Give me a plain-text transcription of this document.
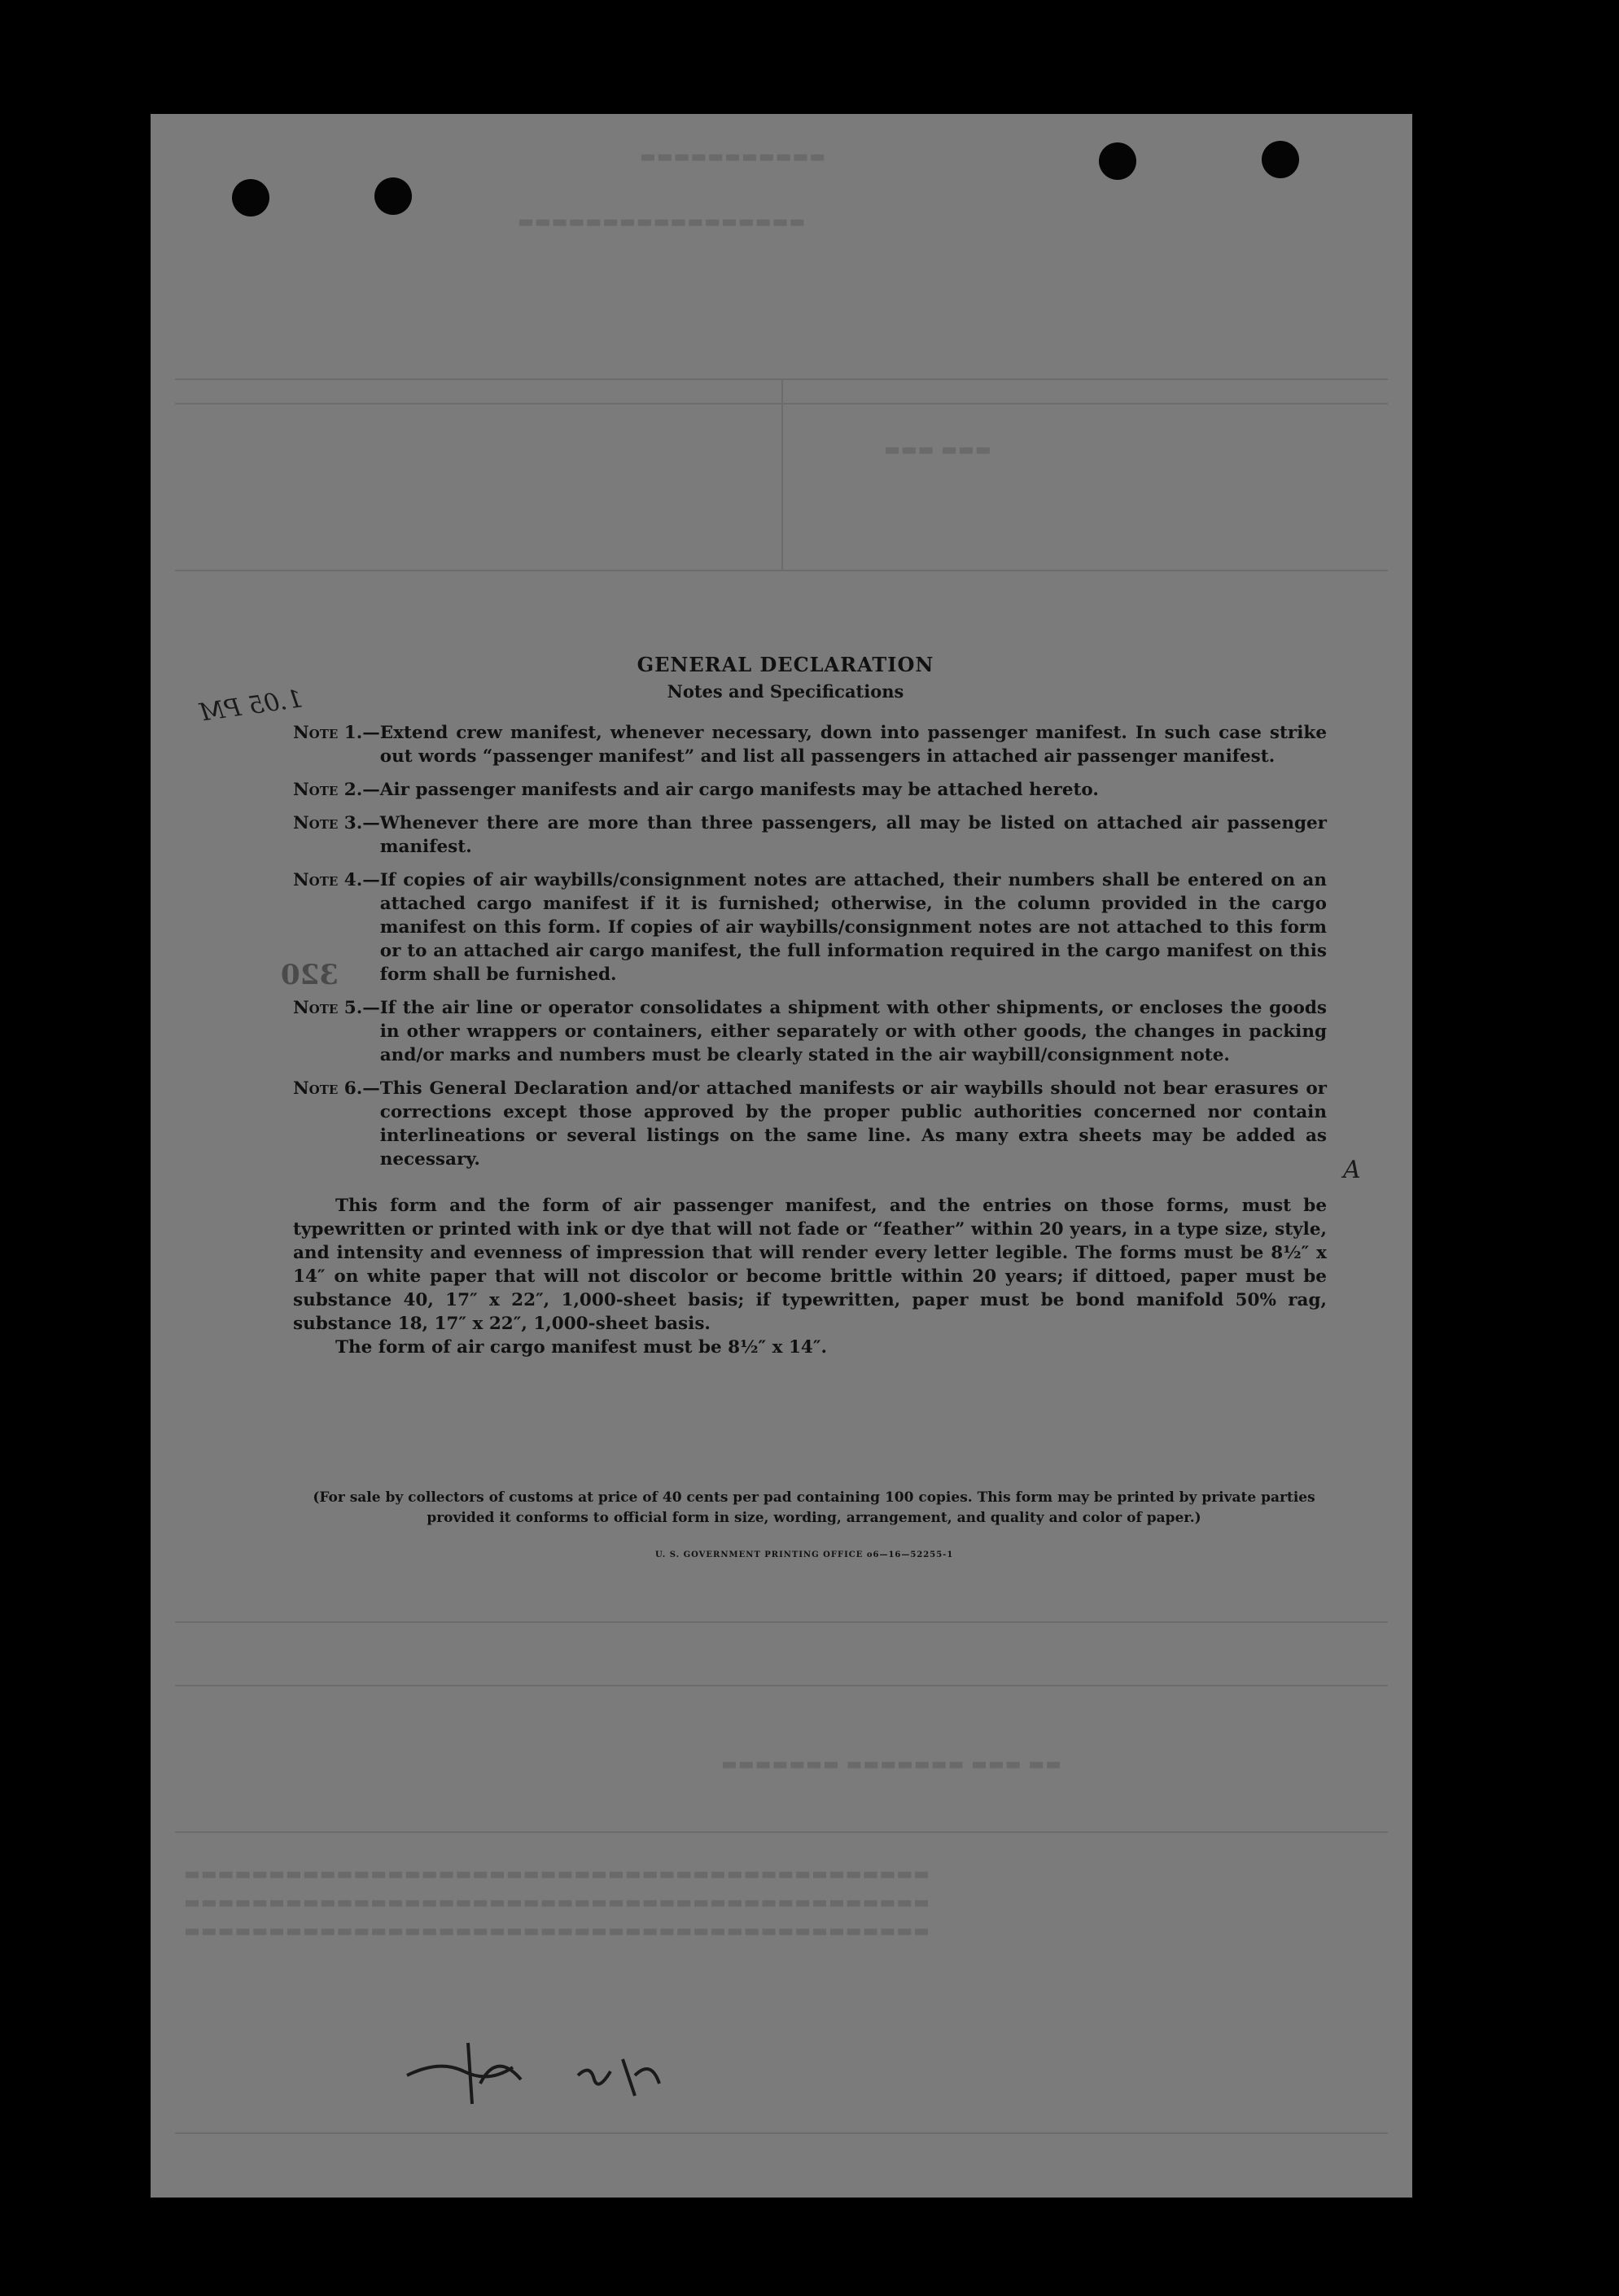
▬▬▬▬▬▬▬▬▬▬▬
▬▬▬▬▬▬▬▬▬▬▬▬▬▬▬▬▬
▬▬▬ ▬▬▬
▬▬ ▬▬▬ ▬▬▬▬▬▬▬ ▬▬▬▬▬▬▬
▬▬▬▬▬▬▬▬▬▬▬▬▬▬▬▬▬▬▬▬▬▬▬▬▬▬▬▬▬▬▬▬▬▬▬▬▬▬▬▬▬▬▬▬
▬▬▬▬▬▬▬▬▬▬▬▬▬▬▬▬▬▬▬▬▬▬▬▬▬▬▬▬▬▬▬▬▬▬▬▬▬▬▬▬▬▬▬▬
▬▬▬▬▬▬▬▬▬▬▬▬▬▬▬▬▬▬▬▬▬▬▬▬▬▬▬▬▬▬▬▬▬▬▬▬▬▬▬▬▬▬▬▬
1.05 PM
320
A
GENERAL DECLARATION
Notes and Specifications
Note 1.— Extend crew manifest, whenever necessary, down into passenger manifest. In such case strike out words “passenger manifest” and list all passengers in attached air passenger manifest.
Note 2.— Air passenger manifests and air cargo manifests may be attached hereto.
Note 3.— Whenever there are more than three passengers, all may be listed on attached air passenger manifest.
Note 4.— If copies of air waybills/consignment notes are attached, their numbers shall be entered on an attached cargo manifest if it is furnished; otherwise, in the column provided in the cargo manifest on this form. If copies of air waybills/consignment notes are not attached to this form or to an attached air cargo manifest, the full information required in the cargo manifest on this form shall be furnished.
Note 5.— If the air line or operator consolidates a shipment with other shipments, or encloses the goods in other wrappers or containers, either separately or with other goods, the changes in packing and/or marks and numbers must be clearly stated in the air waybill/consignment note.
Note 6.— This General Declaration and/or attached manifests or air waybills should not bear erasures or corrections except those approved by the proper public authorities concerned nor contain interlineations or several listings on the same line. As many extra sheets may be added as necessary.

This form and the form of air passenger manifest, and the entries on those forms, must be typewritten or printed with ink or dye that will not fade or “feather” within 20 years, in a type size, style, and intensity and evenness of impression that will render every letter legible. The forms must be 8½″ x 14″ on white paper that will not discolor or become brittle within 20 years; if dittoed, paper must be substance 40, 17″ x 22″, 1,000-sheet basis; if typewritten, paper must be bond manifold 50% rag, substance 18, 17″ x 22″, 1,000-sheet basis.

The form of air cargo manifest must be 8½″ x 14″.

(For sale by collectors of customs at price of 40 cents per pad containing 100 copies. This form may be printed by private parties provided it conforms to official form in size, wording, arrangement, and quality and color of paper.)
U. S. GOVERNMENT PRINTING OFFICE o6—16—52255-1
